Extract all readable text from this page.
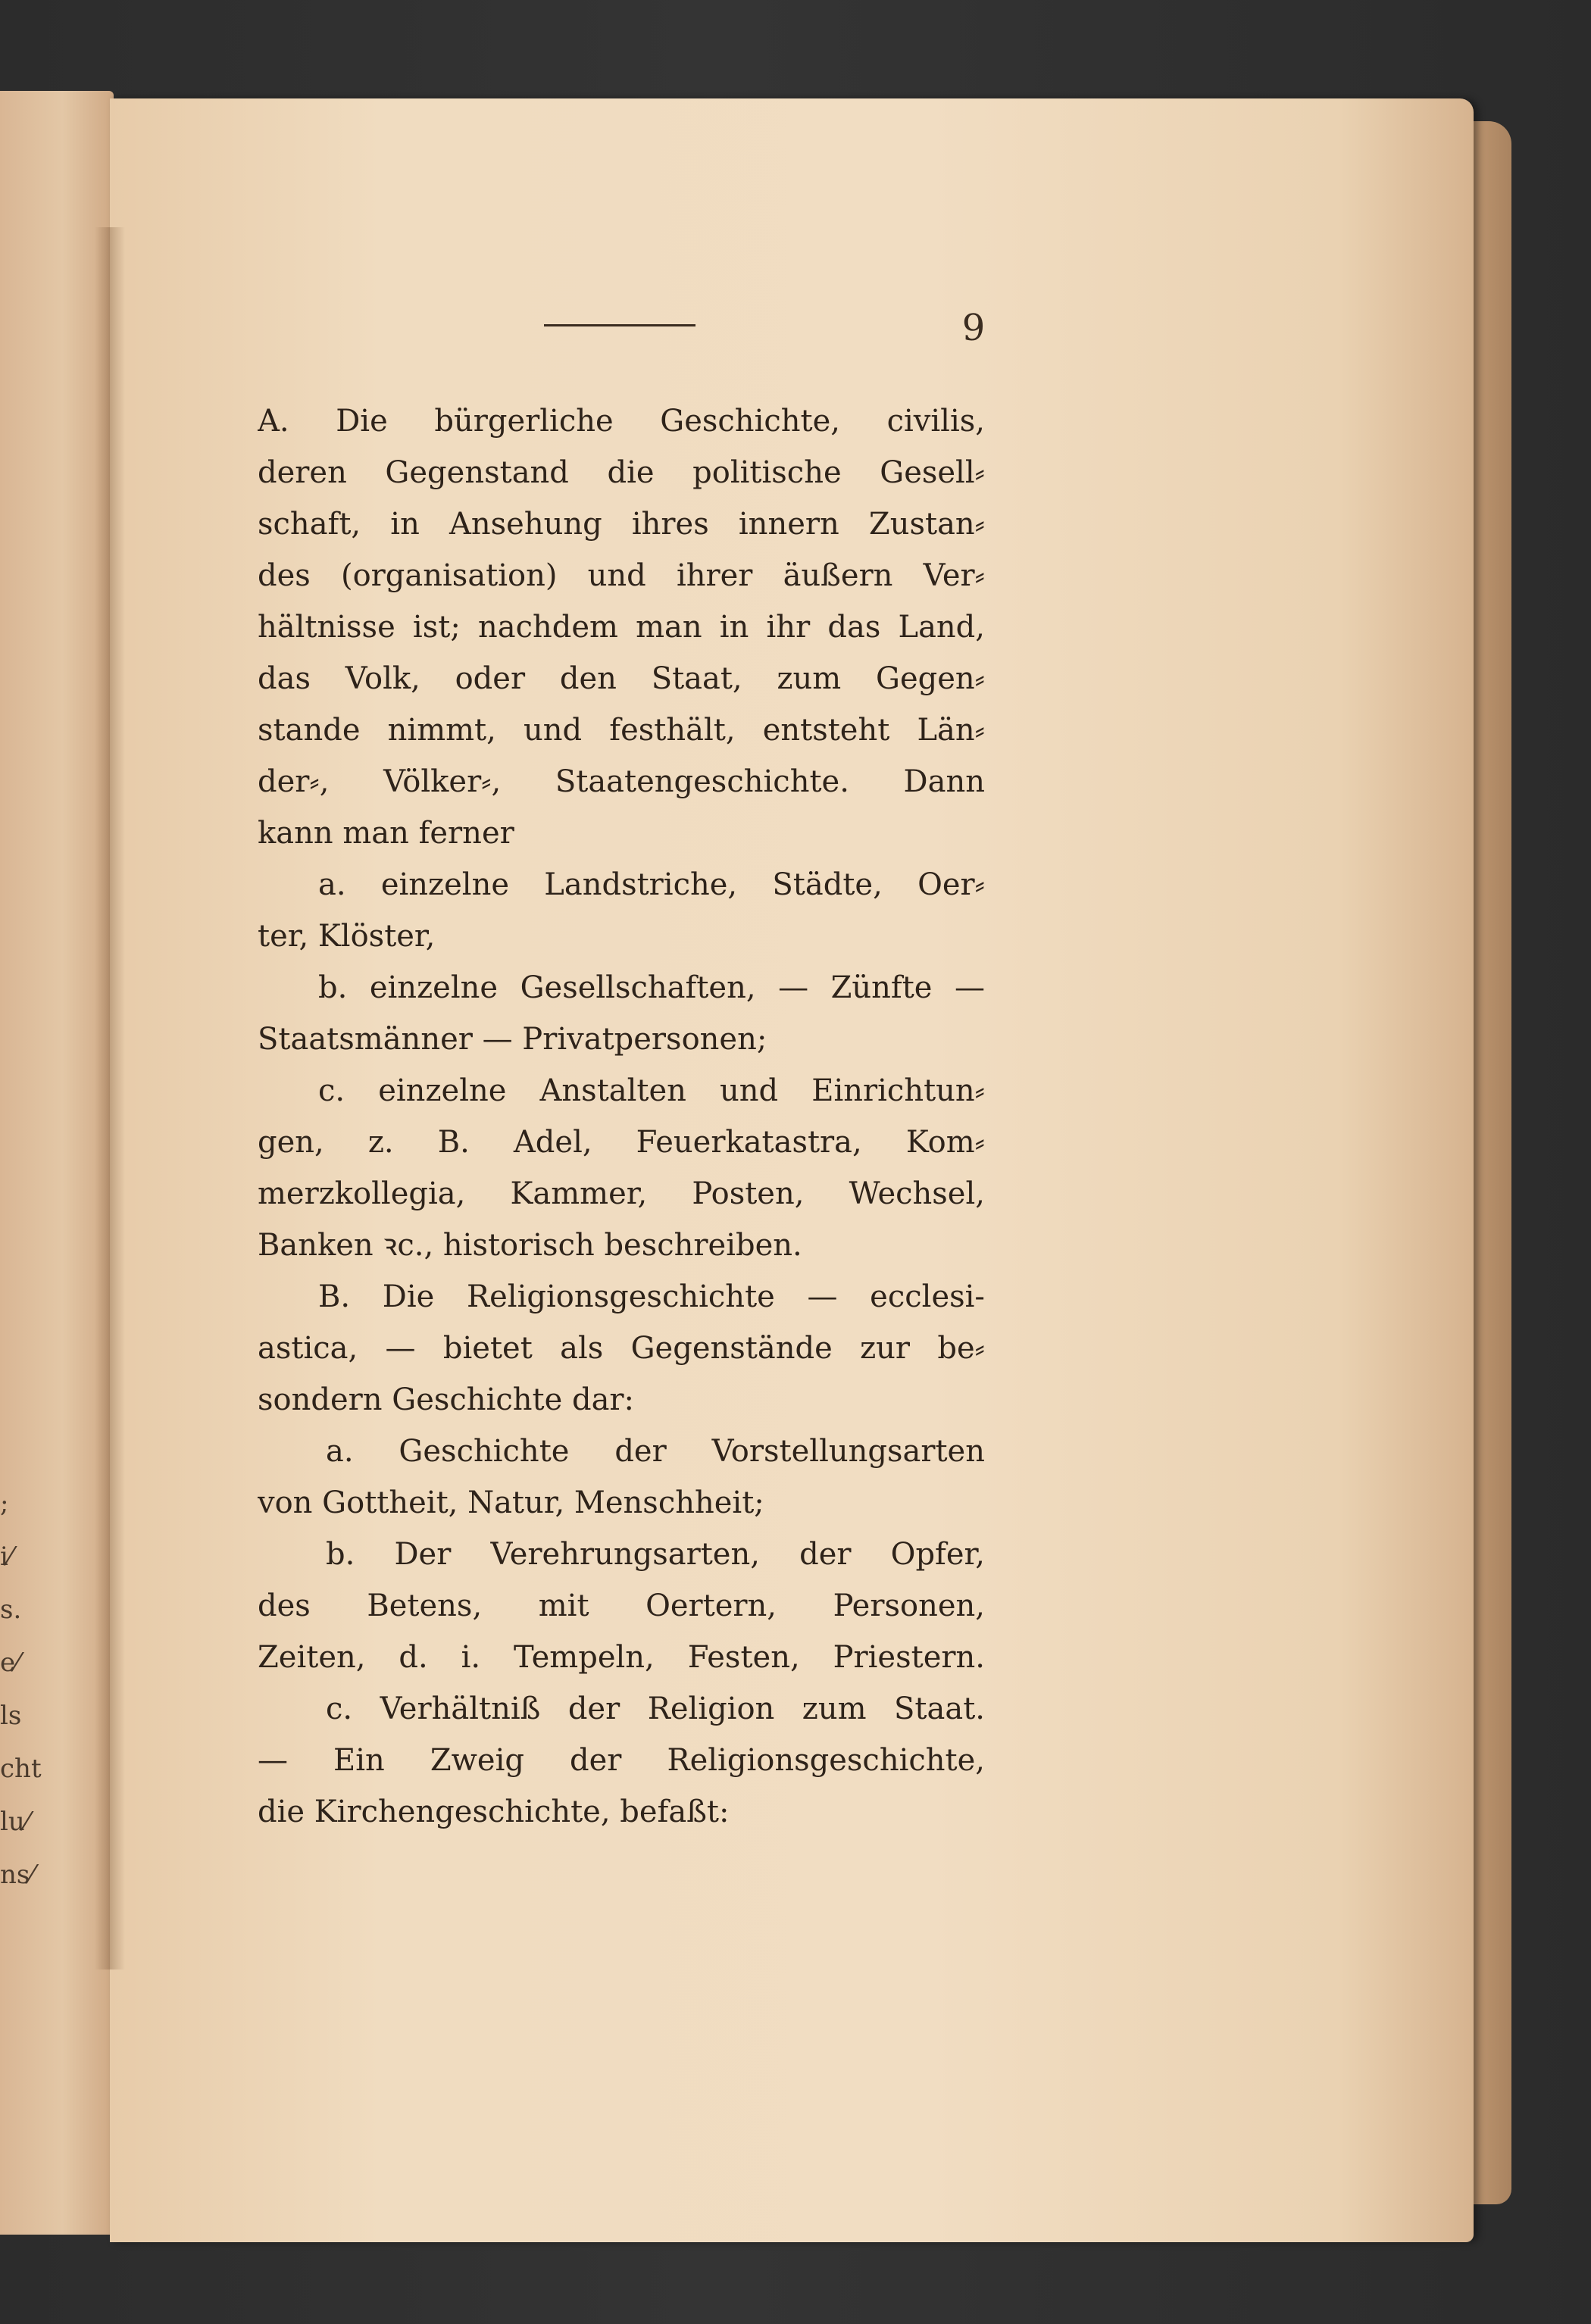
;
i⁄
s.
e⁄
ls
cht
lu⁄
ns⁄
9
A. Die bürgerliche Geschichte, civilis,
deren Gegenstand die politische Gesell⸗
schaft, in Ansehung ihres innern Zustan⸗
des (organisation) und ihrer äußern Ver⸗
hältnisse ist; nachdem man in ihr das Land,
das Volk, oder den Staat, zum Gegen⸗
stande nimmt, und festhält, entsteht Län⸗
der⸗, Völker⸗, Staatengeschichte. Dann
kann man ferner
a. einzelne Landstriche, Städte, Oer⸗
ter, Klöster,
b. einzelne Gesellschaften, — Zünfte —
Staatsmänner — Privatpersonen;
c. einzelne Anstalten und Einrichtun⸗
gen, z. B. Adel, Feuerkatastra, Kom⸗
merzkollegia, Kammer, Posten, Wechsel,
Banken ꝛc., historisch beschreiben.
B. Die Religionsgeschichte — ecclesi-
astica, — bietet als Gegenstände zur be⸗
sondern Geschichte dar:
a. Geschichte der Vorstellungsarten
von Gottheit, Natur, Menschheit;
b. Der Verehrungsarten, der Opfer,
des Betens, mit Oertern, Personen,
Zeiten, d. i. Tempeln, Festen, Priestern.
c. Verhältniß der Religion zum Staat.
— Ein Zweig der Religionsgeschichte,
die Kirchengeschichte, befaßt:
